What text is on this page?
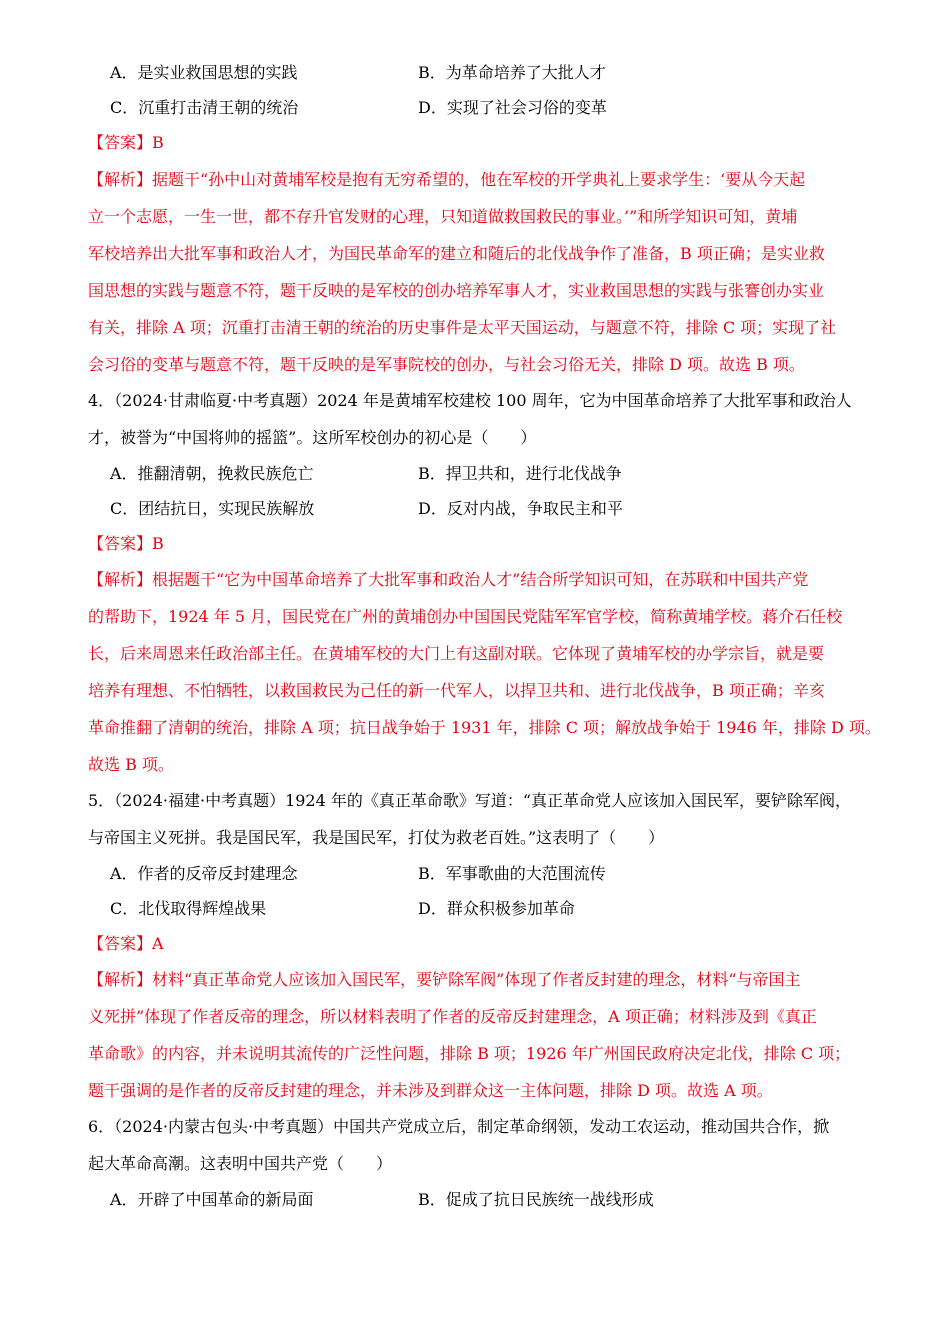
A．是实业救国思想的实践	B．为革命培养了大批人才
C．沉重打击清王朝的统治	D．实现了社会习俗的变革
【答案】B
【解析】据题干“孙中山对黄埔军校是抱有无穷希望的，他在军校的开学典礼上要求学生：‘要从今天起
立一个志愿，一生一世，都不存升官发财的心理，只知道做救国救民的事业。’”和所学知识可知，黄埔
军校培养出大批军事和政治人才，为国民革命军的建立和随后的北伐战争作了准备，B 项正确；是实业救
国思想的实践与题意不符，题干反映的是军校的创办培养军事人才，实业救国思想的实践与张謇创办实业
有关，排除 A 项；沉重打击清王朝的统治的历史事件是太平天国运动，与题意不符，排除 C 项；实现了社
会习俗的变革与题意不符，题干反映的是军事院校的创办，与社会习俗无关，排除 D 项。故选 B 项。
4．（2024·甘肃临夏·中考真题）2024 年是黄埔军校建校 100 周年，它为中国革命培养了大批军事和政治人
才，被誉为“中国将帅的摇篮”。这所军校创办的初心是（　　）
A．推翻清朝，挽救民族危亡	B．捍卫共和，进行北伐战争
C．团结抗日，实现民族解放	D．反对内战，争取民主和平
【答案】B
【解析】根据题干“它为中国革命培养了大批军事和政治人才”结合所学知识可知，在苏联和中国共产党
的帮助下，1924 年 5 月，国民党在广州的黄埔创办中国国民党陆军军官学校，简称黄埔学校。蒋介石任校
长，后来周恩来任政治部主任。在黄埔军校的大门上有这副对联。它体现了黄埔军校的办学宗旨，就是要
培养有理想、不怕牺牲，以救国救民为己任的新一代军人，以捍卫共和、进行北伐战争，B 项正确；辛亥
革命推翻了清朝的统治，排除 A 项；抗日战争始于 1931 年，排除 C 项；解放战争始于 1946 年，排除 D 项。
故选 B 项。
5．（2024·福建·中考真题）1924 年的《真正革命歌》写道：“真正革命党人应该加入国民军，要铲除军阀，
与帝国主义死拼。我是国民军，我是国民军，打仗为救老百姓。”这表明了（　　）
A．作者的反帝反封建理念	B．军事歌曲的大范围流传
C．北伐取得辉煌战果	D．群众积极参加革命
【答案】A
【解析】材料“真正革命党人应该加入国民军，要铲除军阀”体现了作者反封建的理念，材料“与帝国主
义死拼”体现了作者反帝的理念，所以材料表明了作者的反帝反封建理念，A 项正确；材料涉及到《真正
革命歌》的内容，并未说明其流传的广泛性问题，排除 B 项；1926 年广州国民政府决定北伐，排除 C 项；
题干强调的是作者的反帝反封建的理念，并未涉及到群众这一主体问题，排除 D 项。故选 A 项。
6．（2024·内蒙古包头·中考真题）中国共产党成立后，制定革命纲领，发动工农运动，推动国共合作，掀
起大革命高潮。这表明中国共产党（　　）
A．开辟了中国革命的新局面	B．促成了抗日民族统一战线形成
